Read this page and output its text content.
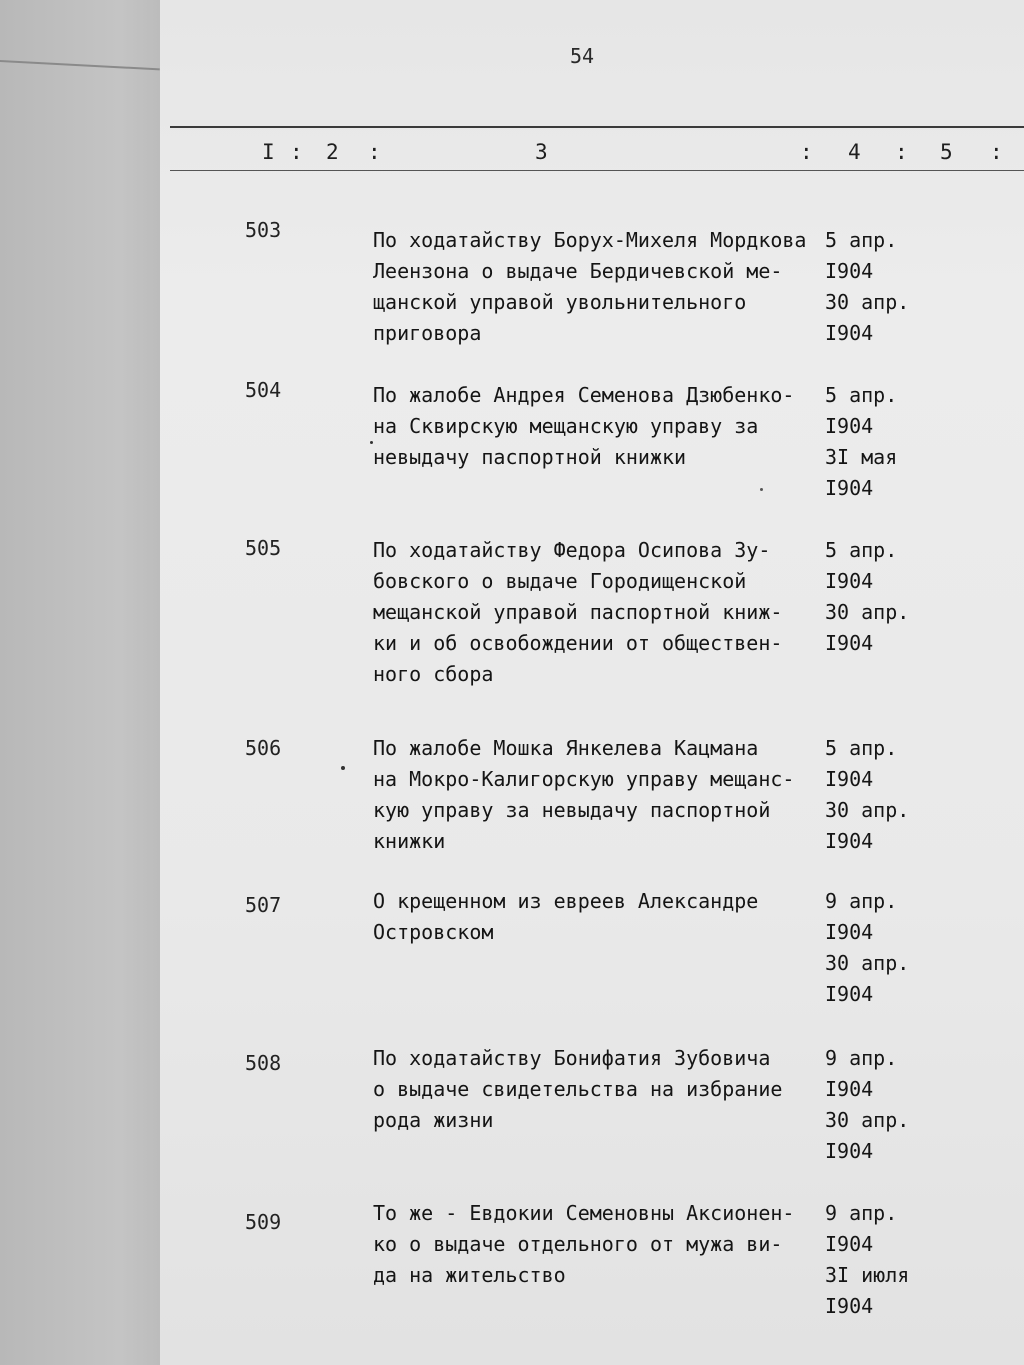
54
I : 2 :	3	: 4 : 5 :
503	По ходатайству Борух-Михеля Мордкова
Леензона о выдаче Бердичевской ме-
щанской управой увольнительного
приговора
5 апр.
I904
30 апр.
I904
504	По жалобе Андрея Семенова Дзюбенко-
на Сквирскую мещанскую управу за
невыдачу паспортной книжки
5 апр.
I904
3I мая
I904
505	По ходатайству Федора Осипова Зу-
бовского о выдаче Городищенской
мещанской управой паспортной книж-
ки и об освобождении от обществен-
ного сбора
5 апр.
I904
30 апр.
I904
506	По жалобе Мошка Янкелева Кацмана
на Мокро-Калигорскую управу мещанс-
кую управу за невыдачу паспортной
книжки
5 апр.
I904
30 апр.
I904
507	О крещенном из евреев Александре
Островском
9 апр.
I904
30 апр.
I904
508	По ходатайству Бонифатия Зубовича
о выдаче свидетельства на избрание
рода жизни
9 апр.
I904
30 апр.
I904
509	То же - Евдокии Семеновны Аксионен-
ко о выдаче отдельного от мужа ви-
да на жительство
9 апр.
I904
3I июля
I904
